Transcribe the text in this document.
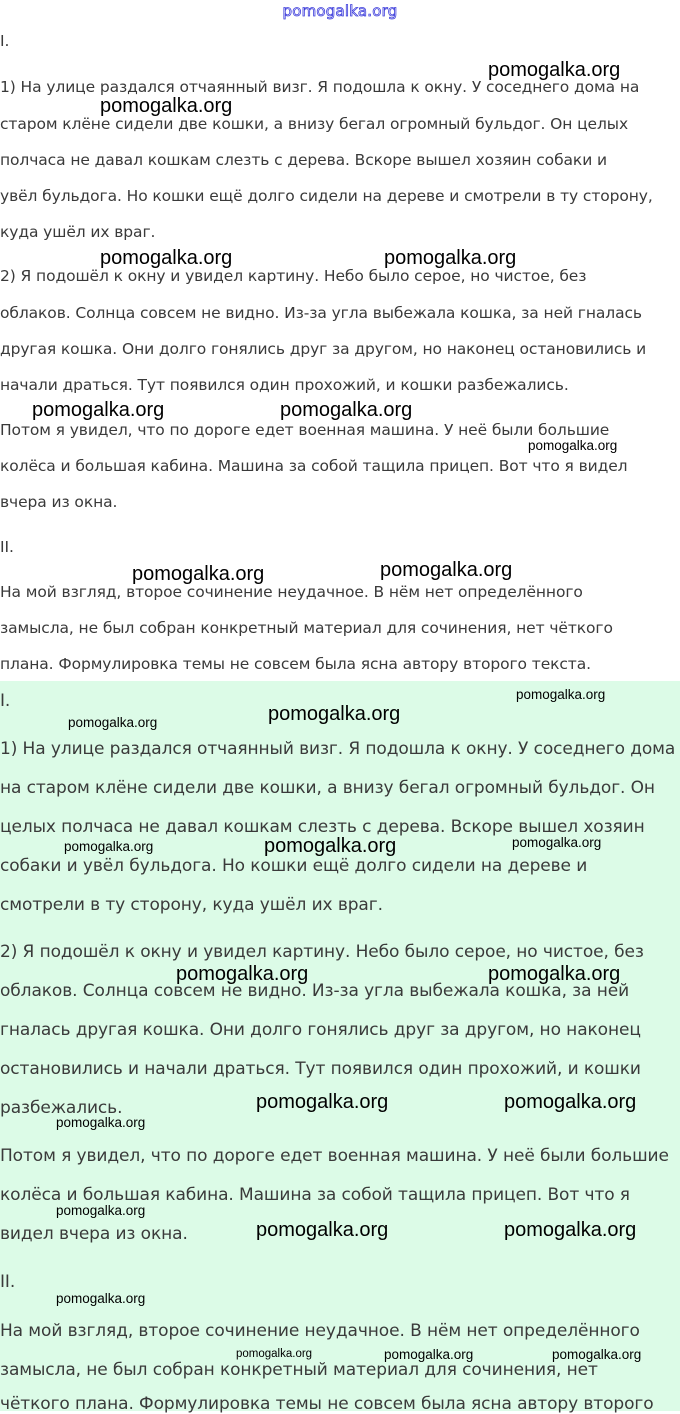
pomogalka.org
I.
1) На улице раздался отчаянный визг. Я подошла к окну. У соседнего дома на
старом клёне сидели две кошки, а внизу бегал огромный бульдог. Он целых
полчаса не давал кошкам слезть с дерева. Вскоре вышел хозяин собаки и
увёл бульдога. Но кошки ещё долго сидели на дереве и смотрели в ту сторону,
куда ушёл их враг.
2) Я подошёл к окну и увидел картину. Небо было серое, но чистое, без
облаков. Солнца совсем не видно. Из-за угла выбежала кошка, за ней гналась
другая кошка. Они долго гонялись друг за другом, но наконец остановились и
начали драться. Тут появился один прохожий, и кошки разбежались.
Потом я увидел, что по дороге едет военная машина. У неё были большие
колёса и большая кабина. Машина за собой тащила прицеп. Вот что я видел
вчера из окна.
II.
На мой взгляд, второе сочинение неудачное. В нём нет определённого
замысла, не был собран конкретный материал для сочинения, нет чёткого
плана. Формулировка темы не совсем была ясна автору второго текста.
I.
1) На улице раздался отчаянный визг. Я подошла к окну. У соседнего дома
на старом клёне сидели две кошки, а внизу бегал огромный бульдог. Он
целых полчаса не давал кошкам слезть с дерева. Вскоре вышел хозяин
собаки и увёл бульдога. Но кошки ещё долго сидели на дереве и
смотрели в ту сторону, куда ушёл их враг.
2) Я подошёл к окну и увидел картину. Небо было серое, но чистое, без
облаков. Солнца совсем не видно. Из-за угла выбежала кошка, за ней
гналась другая кошка. Они долго гонялись друг за другом, но наконец
остановились и начали драться. Тут появился один прохожий, и кошки
разбежались.
Потом я увидел, что по дороге едет военная машина. У неё были большие
колёса и большая кабина. Машина за собой тащила прицеп. Вот что я
видел вчера из окна.
II.
На мой взгляд, второе сочинение неудачное. В нём нет определённого
замысла, не был собран конкретный материал для сочинения, нет
чёткого плана. Формулировка темы не совсем была ясна автору второго
pomogalka.org
pomogalka.org
pomogalka.org	pomogalka.org
pomogalka.org	pomogalka.org
pomogalka.org
pomogalka.org	pomogalka.org
pomogalka.org
pomogalka.org	pomogalka.org
pomogalka.org	pomogalka.org	pomogalka.org
pomogalka.org	pomogalka.org
pomogalka.org	pomogalka.org
pomogalka.org
pomogalka.org
pomogalka.org	pomogalka.org
pomogalka.org
pomogalka.org	pomogalka.org	pomogalka.org
